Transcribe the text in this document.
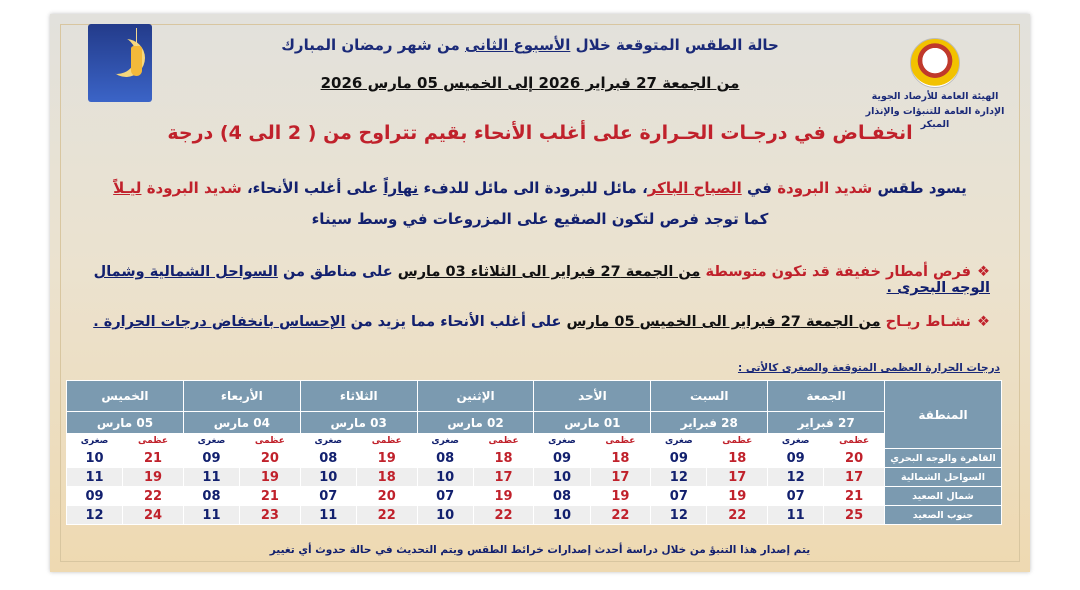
الهيئة العامة للأرصاد الجوية
الإدارة العامة للتنبؤات والإنذار المبكر
حالة الطقس المتوقعة خلال الأسبوع الثانى من شهر رمضان المبارك
من الجمعة 27 فبراير 2026 إلى الخميس 05 مارس 2026
انخفـاض في درجـات الحـرارة على أغلب الأنحاء بقيم تتراوح من ( 2 الى 4) درجة
يسود طقس شديد البرودة في الصباح الباكر، مائل للبرودة الى مائل للدفء نهاراً على أغلب الأنحاء، شديد البرودة ليـلاً
كما توجد فرص لتكون الصقيع على المزروعات في وسط سيناء
❖فرص أمطار خفيفة قد تكون متوسطة من الجمعة 27 فبراير الى الثلاثاء 03 مارس على مناطق من السواحل الشمالية وشمال الوجه البحرى .
❖نشـاط ريـاح من الجمعة 27 فبراير الى الخميس 05 مارس على أغلب الأنحاء مما يزيد من الإحساس بانخفاض درجات الحرارة .
درجات الحرارة العظمى المتوقعة والصغرى كالأتى :
المنطقة	الجمعة		السبت		الأحد		الإثنين		الثلاثاء		الأربعاء		الخميس	
	27 فبراير		28 فبراير		01 مارس		02 مارس		03 مارس		04 مارس		05 مارس	
	عظمى	صغرى	عظمى	صغرى	عظمى	صغرى	عظمى	صغرى	عظمى	صغرى	عظمى	صغرى	عظمى	صغرى
القاهرة والوجه البحري	20	09	18	09	18	09	18	08	19	08	20	09	21	10
السواحل الشمالية	17	12	17	12	17	10	17	10	18	10	19	11	19	11
شمال الصعيد	21	07	19	07	19	08	19	07	20	07	21	08	22	09
جنوب الصعيد	25	11	22	12	22	10	22	10	22	11	23	11	24	12
يتم إصدار هذا التنبؤ من خلال دراسة أحدث إصدارات خرائط الطقس ويتم التحديث في حالة حدوث أي تغيير
